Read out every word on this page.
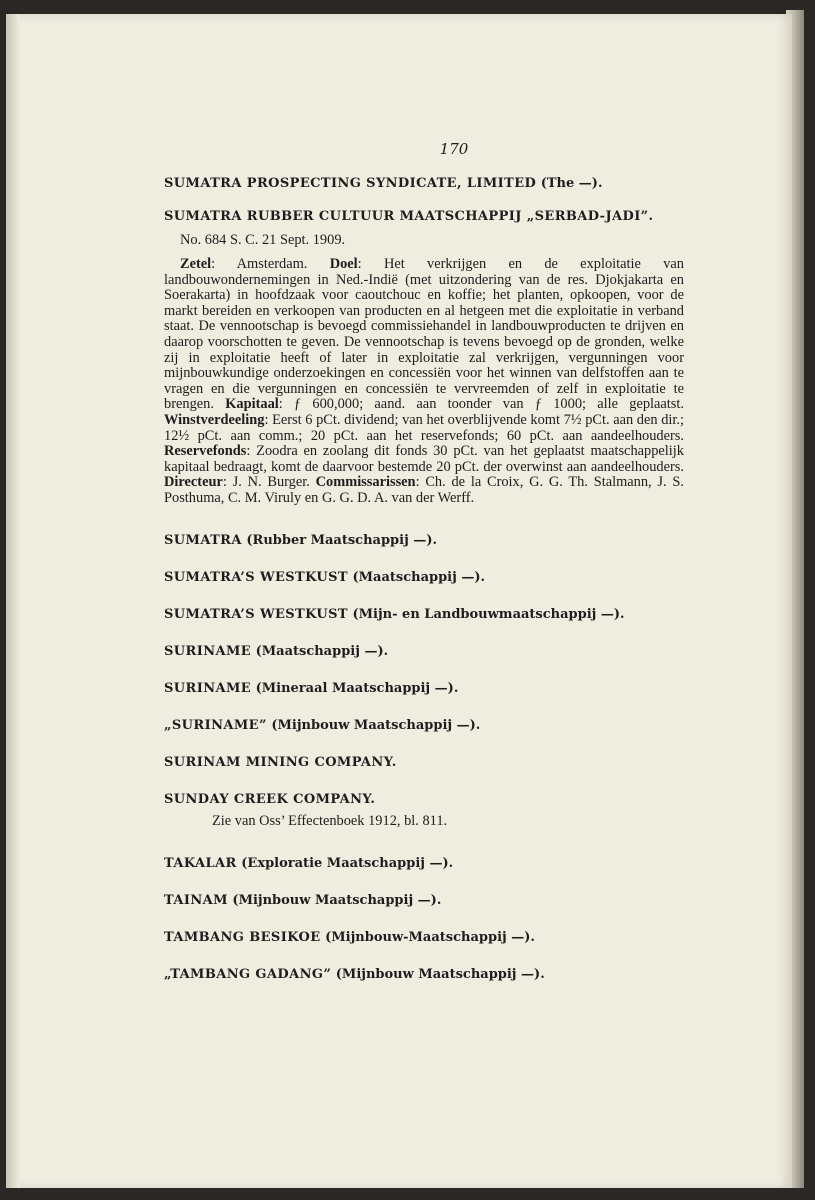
170

SUMATRA PROSPECTING SYNDICATE, LIMITED (The —).

SUMATRA RUBBER CULTUUR MAATSCHAPPIJ „SERBAD-JADI”.

No. 684 S. C. 21 Sept. 1909.

Zetel: Amsterdam. Doel: Het verkrijgen en de exploitatie van landbouwondernemingen in Ned.-Indië (met uitzondering van de res. Djokjakarta en Soerakarta) in hoofdzaak voor caoutchouc en koffie; het planten, opkoopen, voor de markt bereiden en verkoopen van producten en al hetgeen met die exploitatie in verband staat. De vennootschap is bevoegd commissiehandel in landbouwproducten te drijven en daarop voorschotten te geven. De vennootschap is tevens bevoegd op de gronden, welke zij in exploitatie heeft of later in exploitatie zal verkrijgen, vergunningen voor mijnbouwkundige onderzoekingen en concessiën voor het winnen van delfstoffen aan te vragen en die vergunningen en concessiën te vervreemden of zelf in exploitatie te brengen. Kapitaal: ƒ 600,000; aand. aan toonder van ƒ 1000; alle geplaatst. Winstverdeeling: Eerst 6 pCt. dividend; van het overblijvende komt 7½ pCt. aan den dir.; 12½ pCt. aan comm.; 20 pCt. aan het reservefonds; 60 pCt. aan aandeelhouders. Reservefonds: Zoodra en zoolang dit fonds 30 pCt. van het geplaatst maatschappelijk kapitaal bedraagt, komt de daarvoor bestemde 20 pCt. der overwinst aan aandeelhouders. Directeur: J. N. Burger. Commissarissen: Ch. de la Croix, G. G. Th. Stalmann, J. S. Posthuma, C. M. Viruly en G. G. D. A. van der Werff.

SUMATRA (Rubber Maatschappij —).

SUMATRA’S WESTKUST (Maatschappij —).

SUMATRA’S WESTKUST (Mijn- en Landbouwmaatschappij —).

SURINAME (Maatschappij —).

SURINAME (Mineraal Maatschappij —).

„SURINAME” (Mijnbouw Maatschappij —).

SURINAM MINING COMPANY.

SUNDAY CREEK COMPANY.

Zie van Oss’ Effectenboek 1912, bl. 811.

TAKALAR (Exploratie Maatschappij —).

TAINAM (Mijnbouw Maatschappij —).

TAMBANG BESIKOE (Mijnbouw-Maatschappij —).

„TAMBANG GADANG” (Mijnbouw Maatschappij —).
